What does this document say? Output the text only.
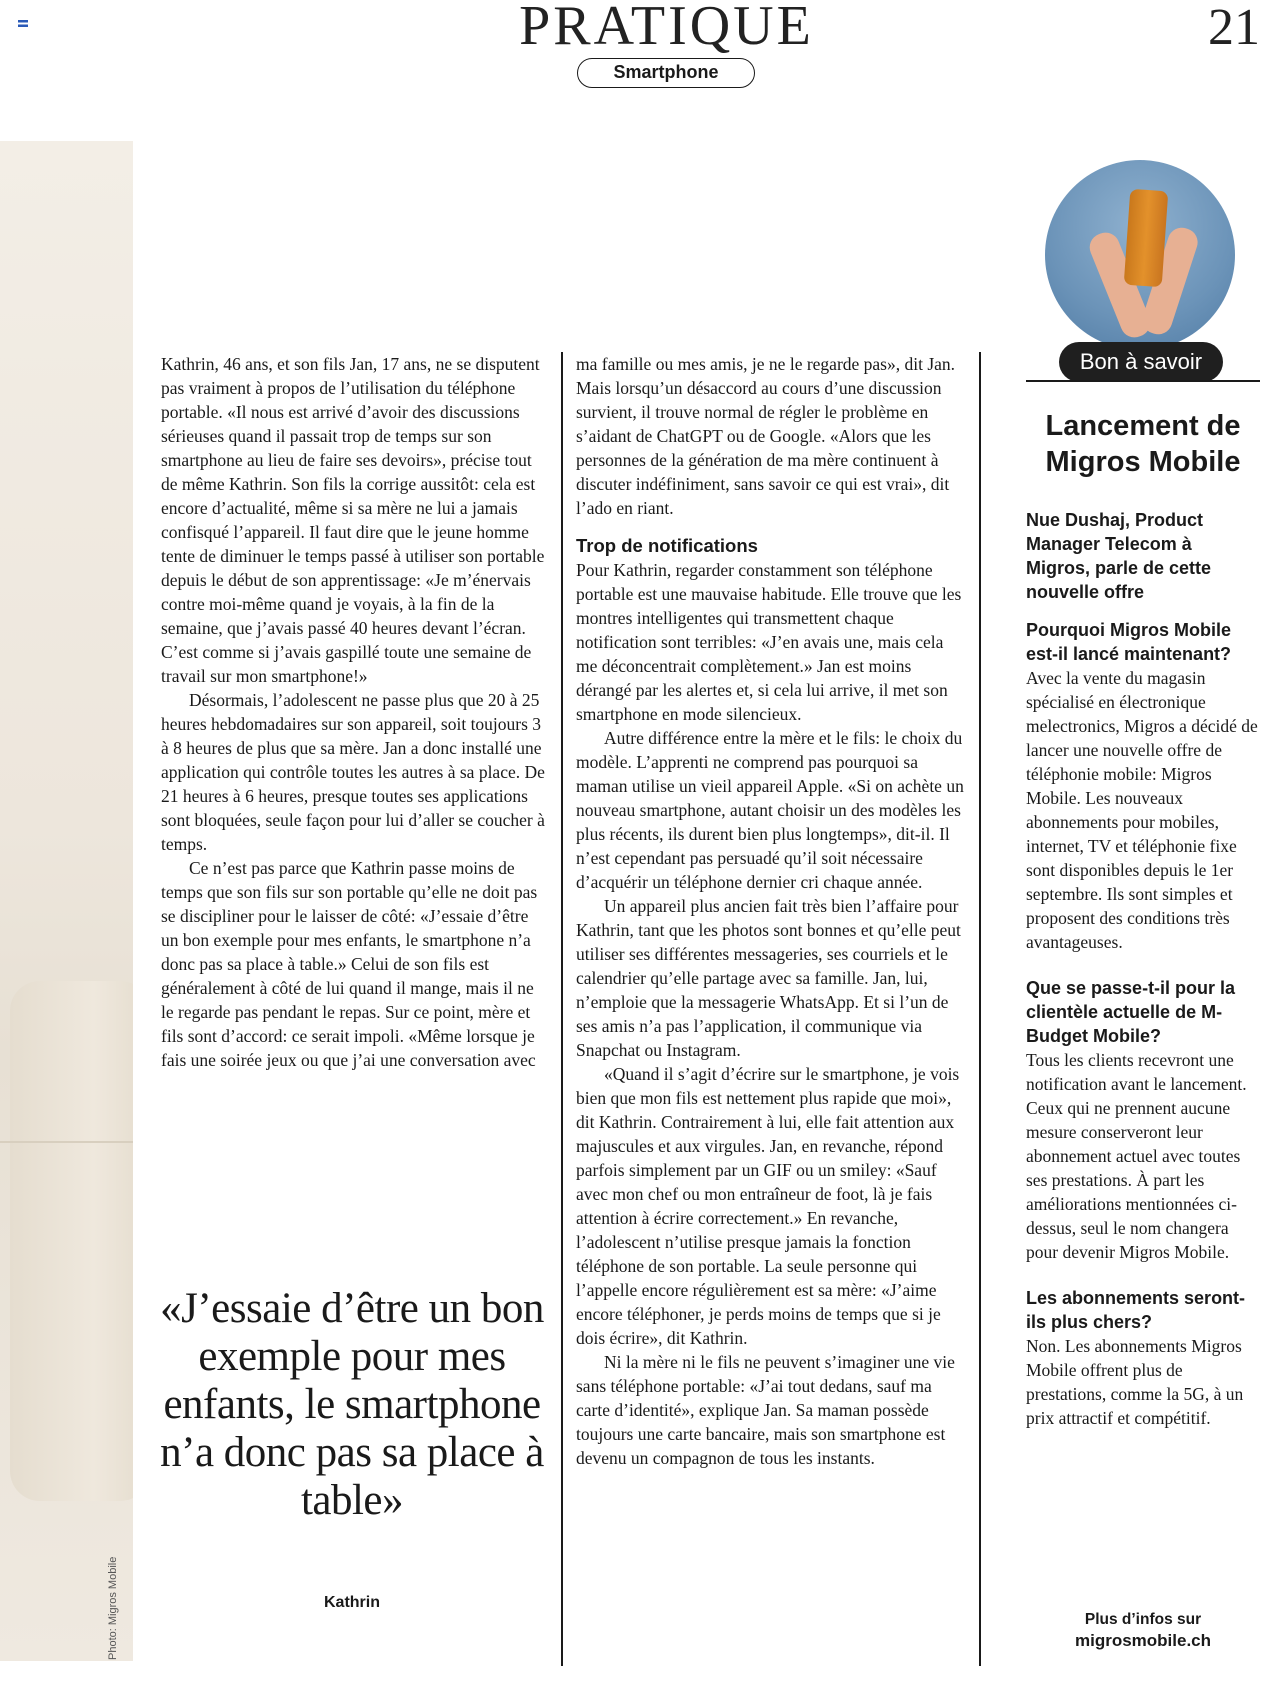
PRATIQUE
Smartphone
21
Photo: Migros Mobile

Kathrin, 46 ans, et son fils Jan, 17 ans, ne se disputent pas vraiment à propos de l’utilisation du téléphone portable. «Il nous est arrivé d’avoir des discussions sérieuses quand il passait trop de temps sur son smartphone au lieu de faire ses devoirs», précise tout de même Kathrin. Son fils la corrige aussitôt: cela est encore d’actualité, même si sa mère ne lui a jamais confisqué l’appareil. Il faut dire que le jeune homme tente de diminuer le temps passé à utiliser son portable depuis le début de son apprentissage: «Je m’énervais contre moi-même quand je voyais, à la fin de la semaine, que j’avais passé 40 heures devant l’écran. C’est comme si j’avais gaspillé toute une semaine de travail sur mon smartphone!»

Désormais, l’adolescent ne passe plus que 20 à 25 heures hebdomadaires sur son appareil, soit toujours 3 à 8 heures de plus que sa mère. Jan a donc installé une application qui contrôle toutes les autres à sa place. De 21 heures à 6 heures, presque toutes ses applications sont bloquées, seule façon pour lui d’aller se coucher à temps.

Ce n’est pas parce que Kathrin passe moins de temps que son fils sur son portable qu’elle ne doit pas se discipliner pour le laisser de côté: «J’essaie d’être un bon exemple pour mes enfants, le smartphone n’a donc pas sa place à table.» Celui de son fils est généralement à côté de lui quand il mange, mais il ne le regarde pas pendant le repas. Sur ce point, mère et fils sont d’accord: ce serait impoli. «Même lorsque je fais une soirée jeux ou que j’ai une conversation avec

ma famille ou mes amis, je ne le regarde pas», dit Jan. Mais lorsqu’un désaccord au cours d’une discussion survient, il trouve normal de régler le problème en s’aidant de ChatGPT ou de Google. «Alors que les personnes de la génération de ma mère continuent à discuter indéfiniment, sans savoir ce qui est vrai», dit l’ado en riant.

Trop de notifications

Pour Kathrin, regarder constamment son téléphone portable est une mauvaise habitude. Elle trouve que les montres intelligentes qui transmettent chaque notification sont terribles: «J’en avais une, mais cela me déconcentrait complètement.» Jan est moins dérangé par les alertes et, si cela lui arrive, il met son smartphone en mode silencieux.

Autre différence entre la mère et le fils: le choix du modèle. L’apprenti ne comprend pas pourquoi sa maman utilise un vieil appareil Apple. «Si on achète un nouveau smartphone, autant choisir un des modèles les plus récents, ils durent bien plus longtemps», dit-il. Il n’est cependant pas persuadé qu’il soit nécessaire d’acquérir un téléphone dernier cri chaque année.

Un appareil plus ancien fait très bien l’affaire pour Kathrin, tant que les photos sont bonnes et qu’elle peut utiliser ses différentes messageries, ses courriels et le calendrier qu’elle partage avec sa famille. Jan, lui, n’emploie que la messagerie WhatsApp. Et si l’un de ses amis n’a pas l’application, il communique via Snapchat ou Instagram.

«Quand il s’agit d’écrire sur le smartphone, je vois bien que mon fils est nettement plus rapide que moi», dit Kathrin. Contrairement à lui, elle fait attention aux majuscules et aux virgules. Jan, en revanche, répond parfois simplement par un GIF ou un smiley: «Sauf avec mon chef ou mon entraîneur de foot, là je fais attention à écrire correctement.» En revanche, l’adolescent n’utilise presque jamais la fonction téléphone de son portable. La seule personne qui l’appelle encore régulièrement est sa mère: «J’aime encore téléphoner, je perds moins de temps que si je dois écrire», dit Kathrin.

Ni la mère ni le fils ne peuvent s’imaginer une vie sans téléphone portable: «J’ai tout dedans, sauf ma carte d’identité», explique Jan. Sa maman possède toujours une carte bancaire, mais son smartphone est devenu un compagnon de tous les instants.

«J’essaie d’être un bon exemple pour mes enfants, le smartphone n’a donc pas sa place à table»
Kathrin
Bon à savoir

Lancement de Migros Mobile

Nue Dushaj, Product Manager Telecom à Migros, parle de cette nouvelle offre

Pourquoi Migros Mobile est-il lancé maintenant?

Avec la vente du magasin spécialisé en électronique melectronics, Migros a décidé de lancer une nouvelle offre de téléphonie mobile: Migros Mobile. Les nouveaux abonnements pour mobiles, internet, TV et téléphonie fixe sont disponibles depuis le 1er septembre. Ils sont simples et proposent des conditions très avantageuses.

Que se passe-t-il pour la clientèle actuelle de M-Budget Mobile?

Tous les clients recevront une notification avant le lancement. Ceux qui ne prennent aucune mesure conserveront leur abonnement actuel avec toutes ses prestations. À part les améliorations mentionnées ci-dessus, seul le nom changera pour devenir Migros Mobile.

Les abonnements seront-ils plus chers?

Non. Les abonnements Migros Mobile offrent plus de prestations, comme la 5G, à un prix attractif et compétitif.

Plus d’infos sur
migrosmobile.ch
